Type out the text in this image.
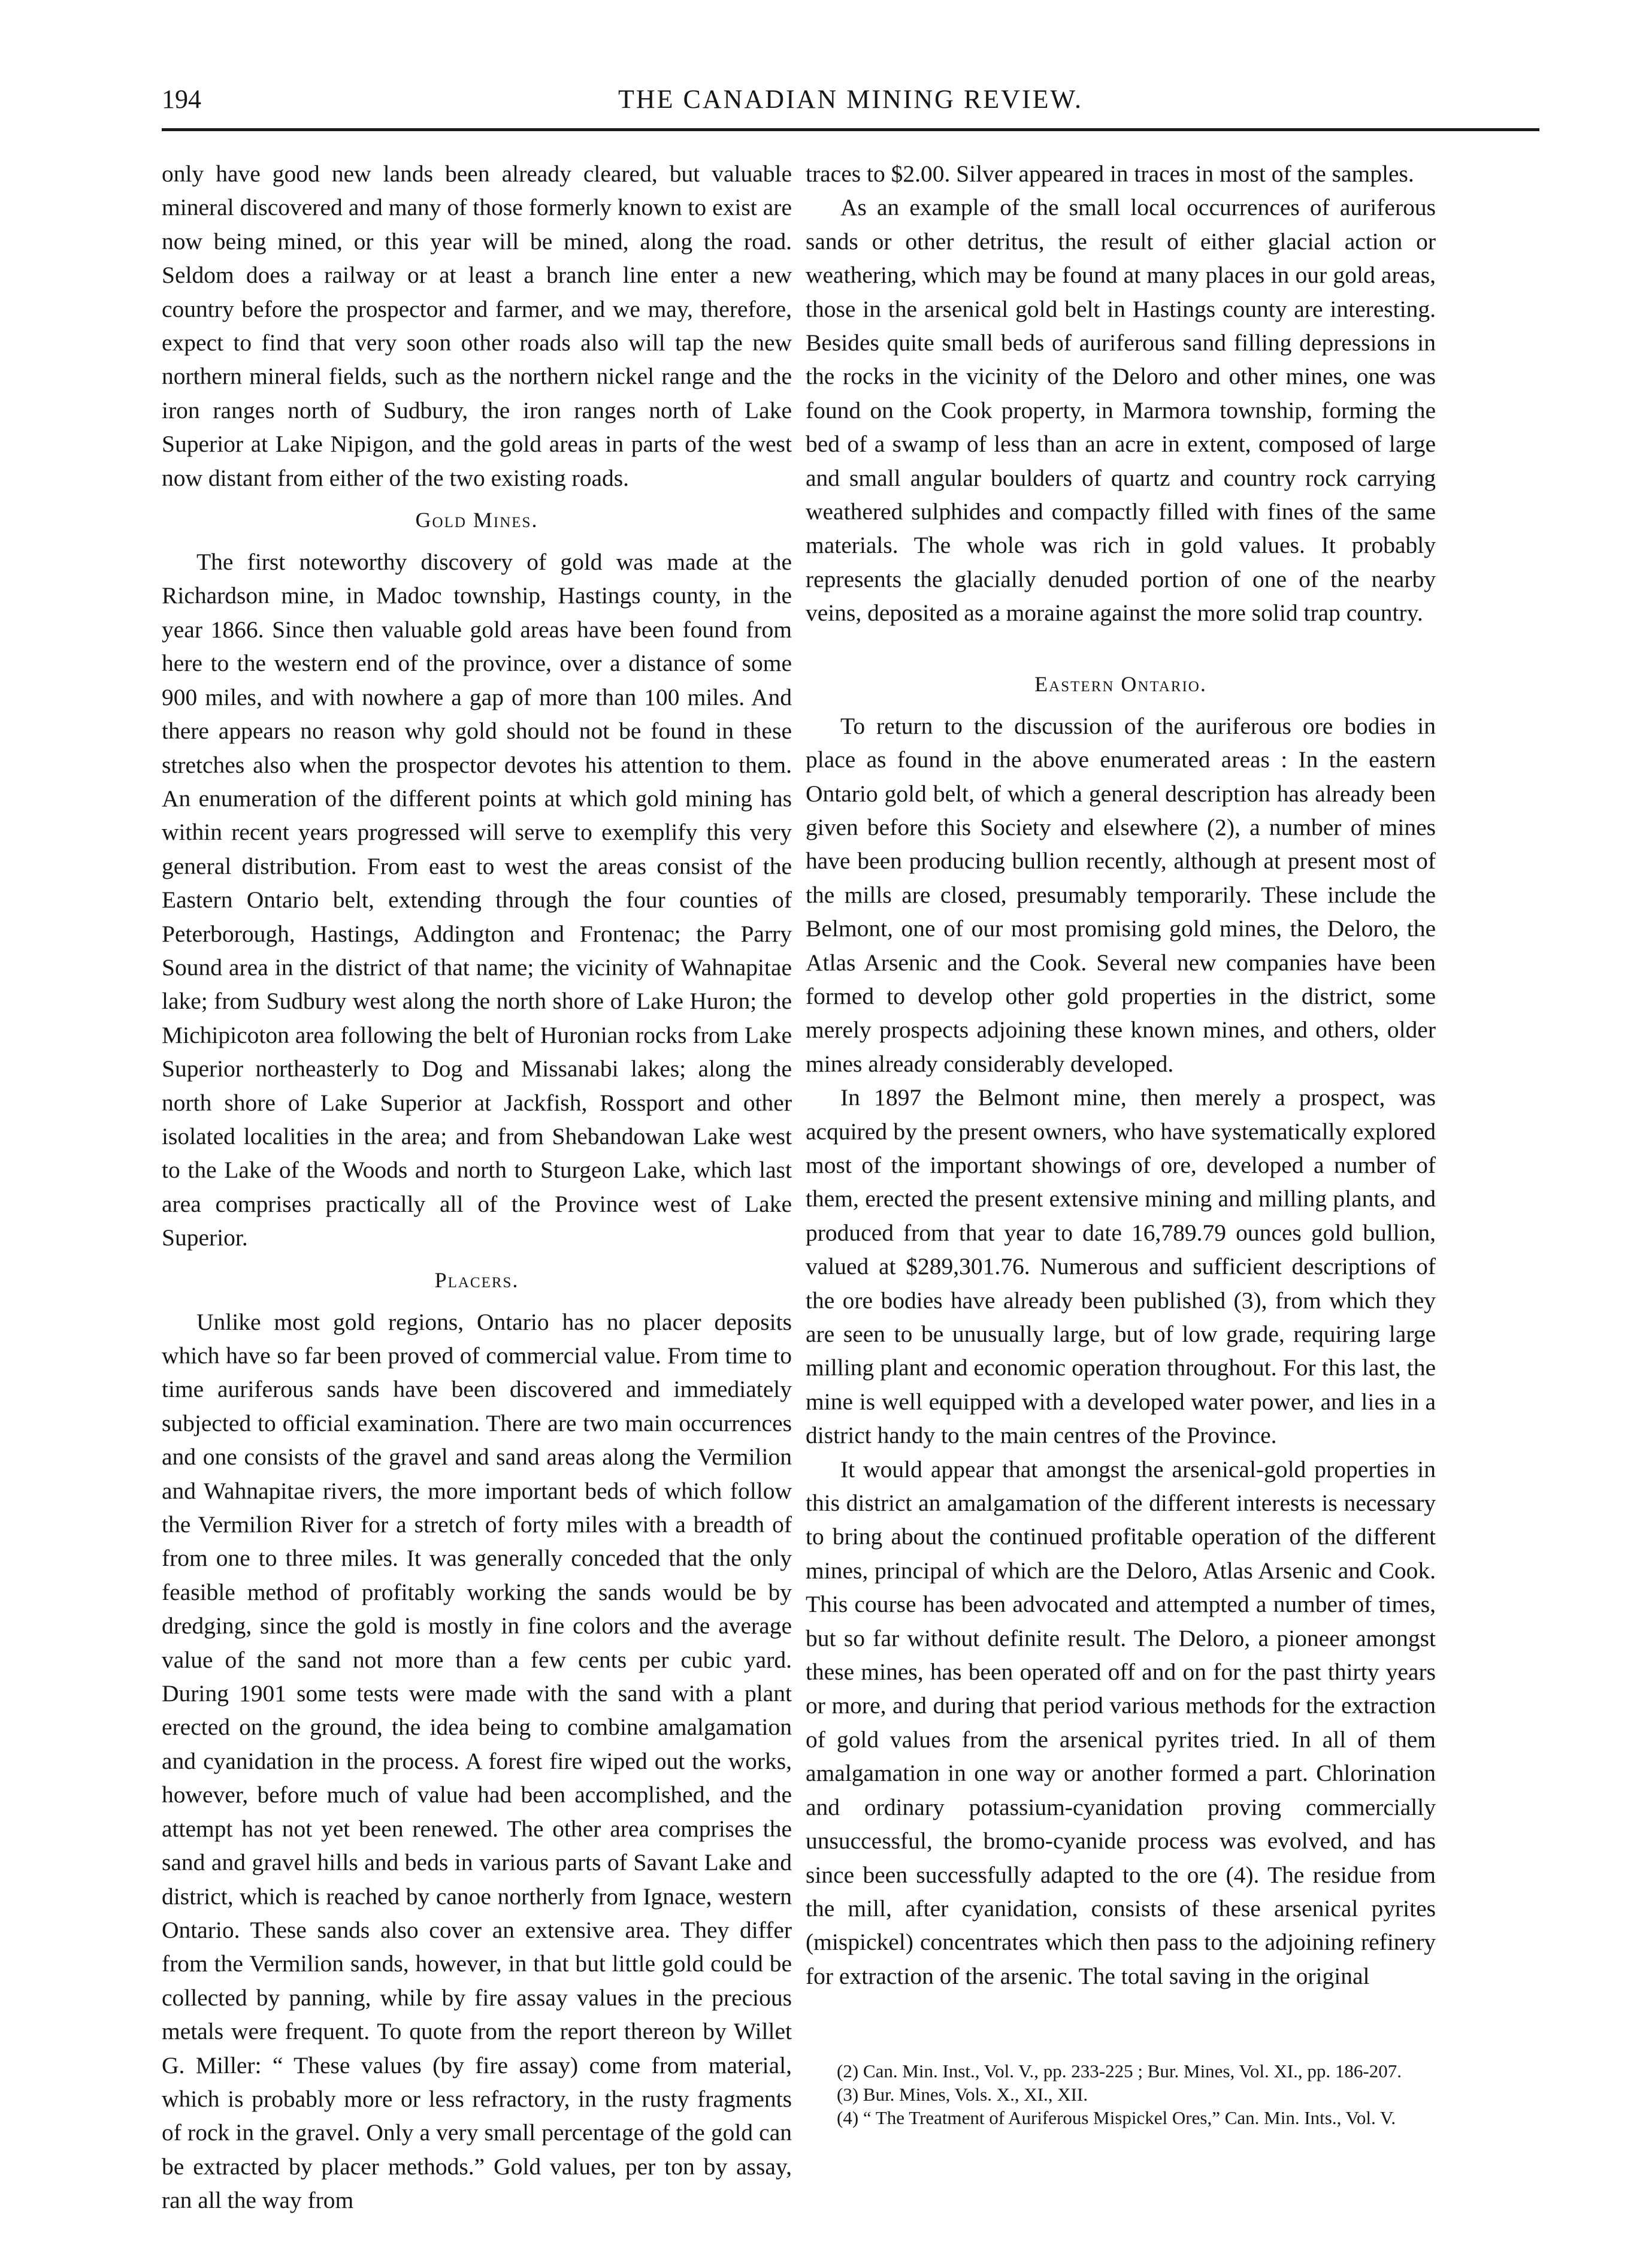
194	THE CANADIAN MINING REVIEW.

only have good new lands been already cleared, but valuable mineral discovered and many of those formerly known to exist are now being mined, or this year will be mined, along the road. Seldom does a railway or at least a branch line enter a new country before the prospector and farmer, and we may, therefore, expect to find that very soon other roads also will tap the new northern mineral fields, such as the northern nickel range and the iron ranges north of Sudbury, the iron ranges north of Lake Superior at Lake Nipigon, and the gold areas in parts of the west now distant from either of the two existing roads.

Gold Mines.

The first noteworthy discovery of gold was made at the Richardson mine, in Madoc township, Hastings county, in the year 1866. Since then valuable gold areas have been found from here to the western end of the province, over a distance of some 900 miles, and with nowhere a gap of more than 100 miles. And there appears no reason why gold should not be found in these stretches also when the prospector devotes his attention to them. An enumeration of the different points at which gold mining has within recent years progressed will serve to exemplify this very general distribution. From east to west the areas consist of the Eastern Ontario belt, extending through the four counties of Peterborough, Hastings, Addington and Frontenac; the Parry Sound area in the district of that name; the vicinity of Wahnapitae lake; from Sudbury west along the north shore of Lake Huron; the Michipicoton area following the belt of Huronian rocks from Lake Superior northeasterly to Dog and Missanabi lakes; along the north shore of Lake Superior at Jackfish, Rossport and other isolated localities in the area; and from Shebandowan Lake west to the Lake of the Woods and north to Sturgeon Lake, which last area comprises practically all of the Province west of Lake Superior.

Placers.

Unlike most gold regions, Ontario has no placer deposits which have so far been proved of commercial value. From time to time auriferous sands have been discovered and immediately subjected to official examination. There are two main occurrences and one consists of the gravel and sand areas along the Vermilion and Wahnapitae rivers, the more important beds of which follow the Vermilion River for a stretch of forty miles with a breadth of from one to three miles. It was generally conceded that the only feasible method of profitably working the sands would be by dredging, since the gold is mostly in fine colors and the average value of the sand not more than a few cents per cubic yard. During 1901 some tests were made with the sand with a plant erected on the ground, the idea being to combine amalgamation and cyanidation in the process. A forest fire wiped out the works, however, before much of value had been accomplished, and the attempt has not yet been renewed. The other area comprises the sand and gravel hills and beds in various parts of Savant Lake and district, which is reached by canoe northerly from Ignace, western Ontario. These sands also cover an extensive area. They differ from the Vermilion sands, however, in that but little gold could be collected by panning, while by fire assay values in the precious metals were frequent. To quote from the report thereon by Willet G. Miller: “ These values (by fire assay) come from material, which is probably more or less refractory, in the rusty fragments of rock in the gravel. Only a very small percentage of the gold can be extracted by placer methods.” Gold values, per ton by assay, ran all the way from

traces to $2.00. Silver appeared in traces in most of the samples.

As an example of the small local occurrences of auriferous sands or other detritus, the result of either glacial action or weathering, which may be found at many places in our gold areas, those in the arsenical gold belt in Hastings county are interesting. Besides quite small beds of auriferous sand filling depressions in the rocks in the vicinity of the Deloro and other mines, one was found on the Cook property, in Marmora township, forming the bed of a swamp of less than an acre in extent, composed of large and small angular boulders of quartz and country rock carrying weathered sulphides and compactly filled with fines of the same materials. The whole was rich in gold values. It probably represents the glacially denuded portion of one of the nearby veins, deposited as a moraine against the more solid trap country.

Eastern Ontario.

To return to the discussion of the auriferous ore bodies in place as found in the above enumerated areas : In the eastern Ontario gold belt, of which a general description has already been given before this Society and elsewhere (2), a number of mines have been producing bullion recently, although at present most of the mills are closed, presumably temporarily. These include the Belmont, one of our most promising gold mines, the Deloro, the Atlas Arsenic and the Cook. Several new companies have been formed to develop other gold properties in the district, some merely prospects adjoining these known mines, and others, older mines already considerably developed.

In 1897 the Belmont mine, then merely a prospect, was acquired by the present owners, who have systematically explored most of the important showings of ore, developed a number of them, erected the present extensive mining and milling plants, and produced from that year to date 16,789.79 ounces gold bullion, valued at $289,301.76. Numerous and sufficient descriptions of the ore bodies have already been published (3), from which they are seen to be unusually large, but of low grade, requiring large milling plant and economic operation throughout. For this last, the mine is well equipped with a developed water power, and lies in a district handy to the main centres of the Province.

It would appear that amongst the arsenical-gold properties in this district an amalgamation of the different interests is necessary to bring about the continued profitable operation of the different mines, principal of which are the Deloro, Atlas Arsenic and Cook. This course has been advocated and attempted a number of times, but so far without definite result. The Deloro, a pioneer amongst these mines, has been operated off and on for the past thirty years or more, and during that period various methods for the extraction of gold values from the arsenical pyrites tried. In all of them amalgamation in one way or another formed a part. Chlorination and ordinary potassium-cyanidation proving commercially unsuccessful, the bromo-cyanide process was evolved, and has since been successfully adapted to the ore (4). The residue from the mill, after cyanidation, consists of these arsenical pyrites (mispickel) concentrates which then pass to the adjoining refinery for extraction of the arsenic. The total saving in the original

(2) Can. Min. Inst., Vol. V., pp. 233-225 ; Bur. Mines, Vol. XI., pp. 186-207.

(3) Bur. Mines, Vols. X., XI., XII.

(4) “ The Treatment of Auriferous Mispickel Ores,” Can. Min. Ints., Vol. V.
